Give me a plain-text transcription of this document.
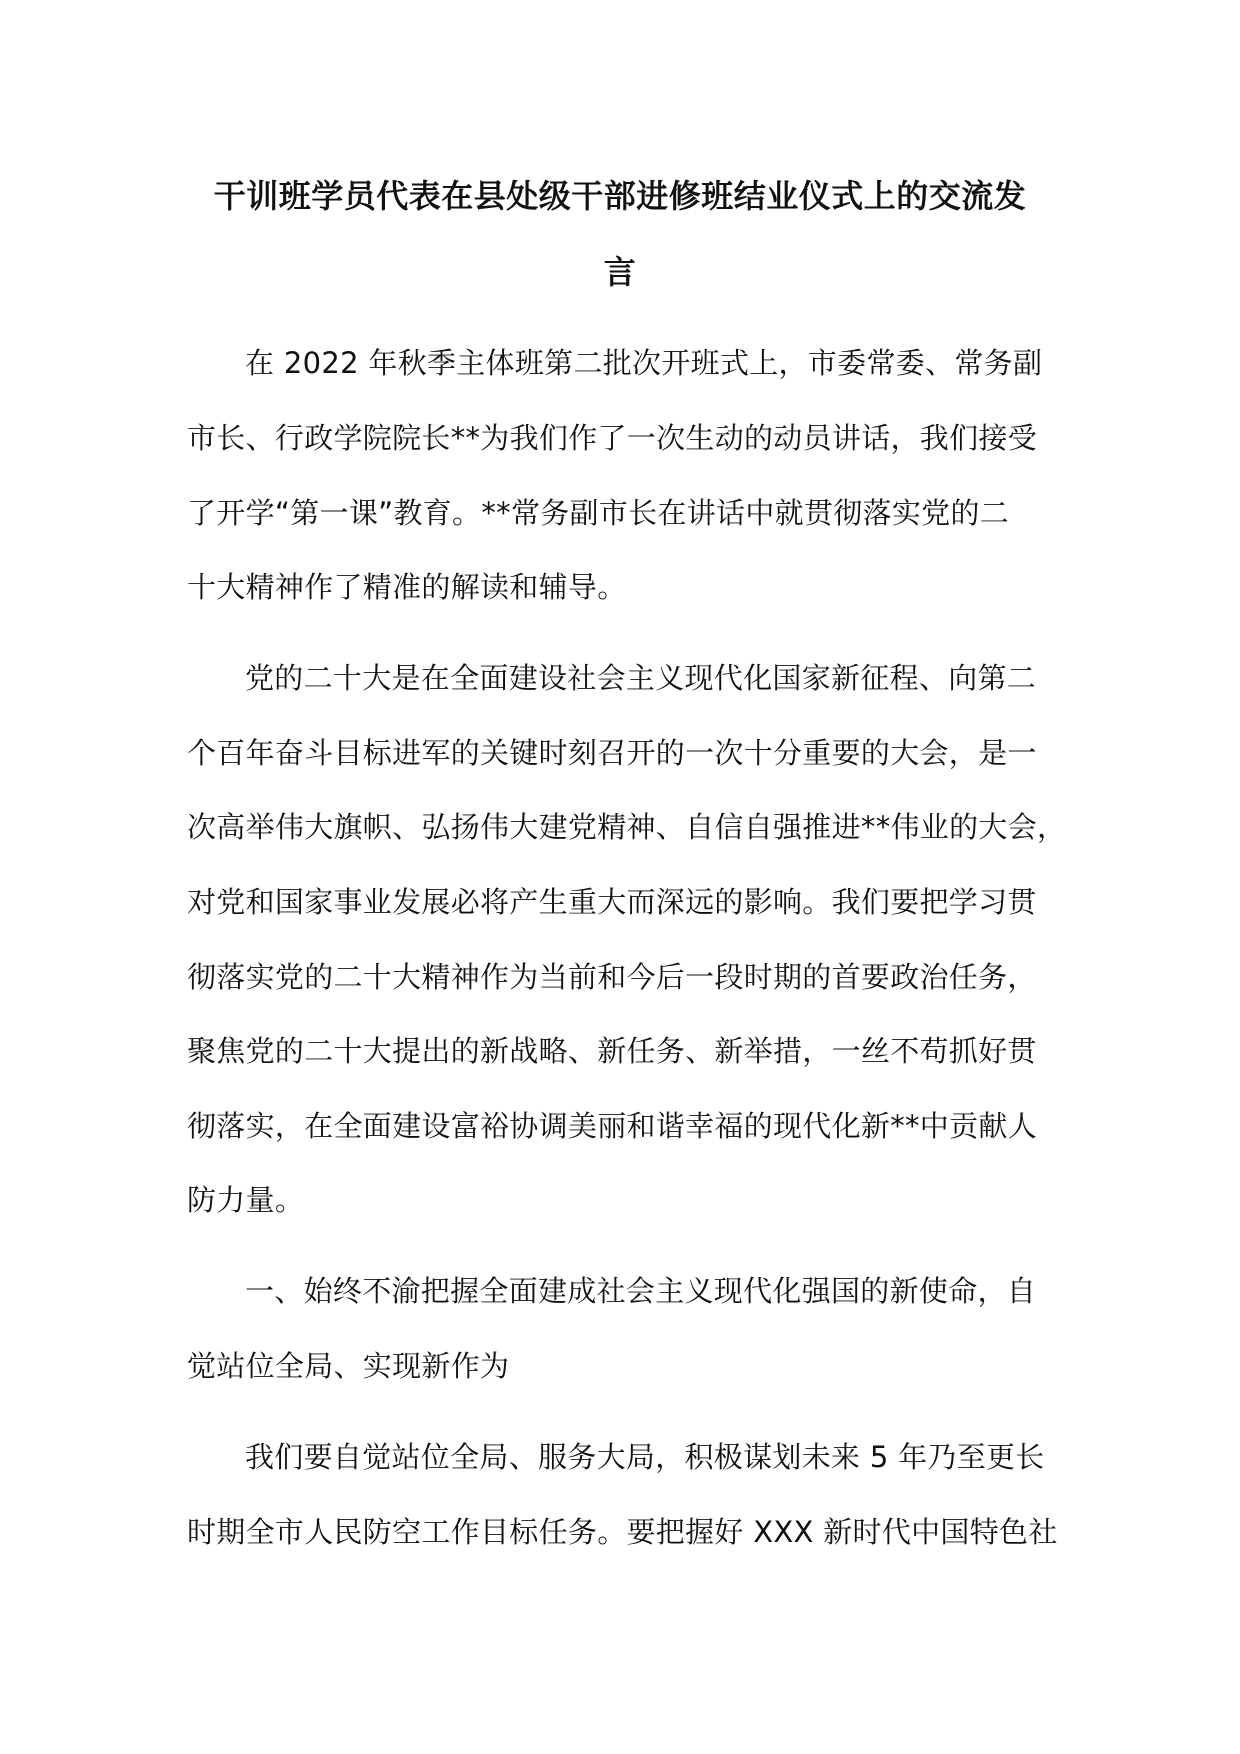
干训班学员代表在县处级干部进修班结业仪式上的交流发
言
在 2022 年秋季主体班第二批次开班式上，市委常委、常务副
市长、行政学院院长**为我们作了一次生动的动员讲话，我们接受
了开学“第一课”教育。**常务副市长在讲话中就贯彻落实党的二
十大精神作了精准的解读和辅导。
党的二十大是在全面建设社会主义现代化国家新征程、向第二
个百年奋斗目标进军的关键时刻召开的一次十分重要的大会，是一
次高举伟大旗帜、弘扬伟大建党精神、自信自强推进**伟业的大会，
对党和国家事业发展必将产生重大而深远的影响。我们要把学习贯
彻落实党的二十大精神作为当前和今后一段时期的首要政治任务，
聚焦党的二十大提出的新战略、新任务、新举措，一丝不苟抓好贯
彻落实，在全面建设富裕协调美丽和谐幸福的现代化新**中贡献人
防力量。
一、始终不渝把握全面建成社会主义现代化强国的新使命，自
觉站位全局、实现新作为
我们要自觉站位全局、服务大局，积极谋划未来 5 年乃至更长
时期全市人民防空工作目标任务。要把握好 XXX 新时代中国特色社
